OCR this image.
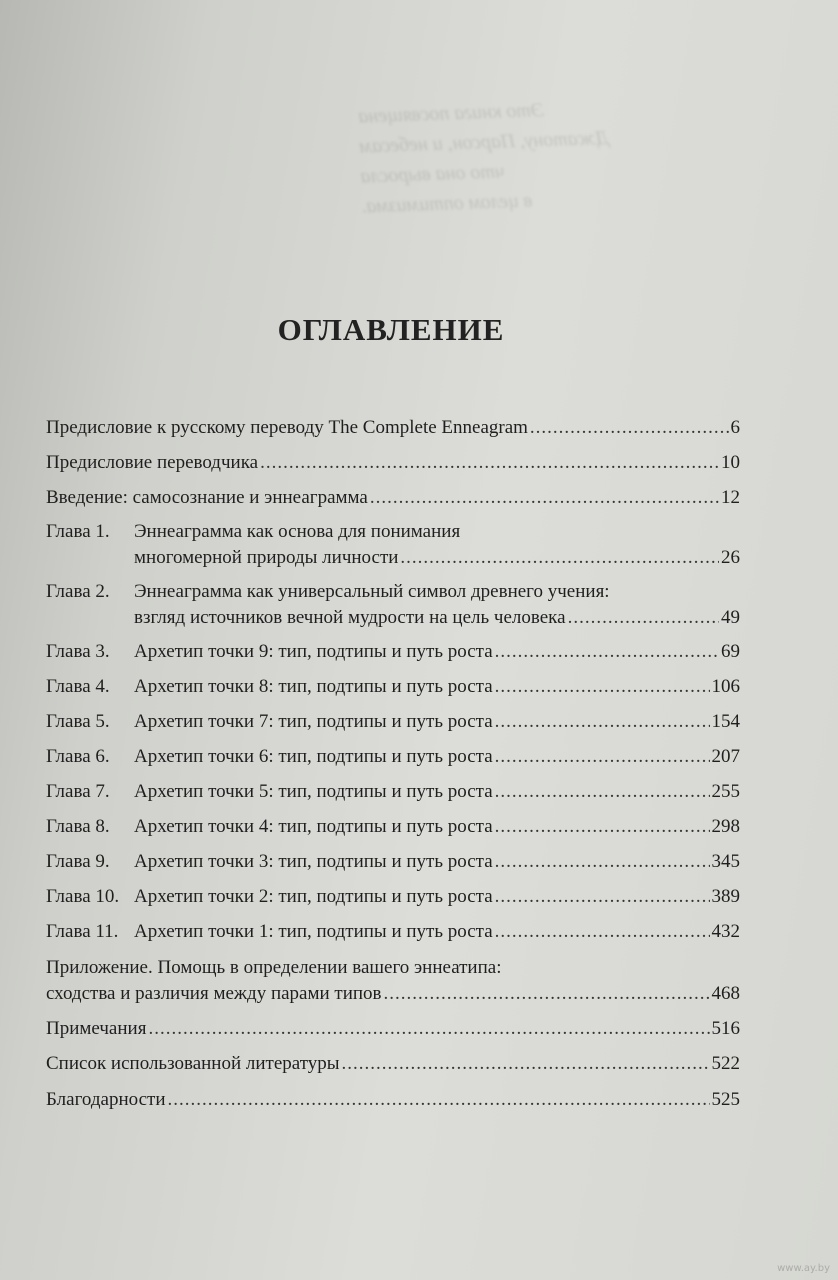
Это книга посвящена
Джатону, Парсон, и небесам
что она выросла
в целом оптимизма.
ОГЛАВЛЕНИЕ
Предисловие к русскому переводу The Complete Enneagram .....	6
Предисловие переводчика .....	10
Введение: самосознание и эннеаграмма .....	12
Глава 1. Эннеаграмма как основа для понимания
многомерной природы личности .....	26
Глава 2. Эннеаграмма как универсальный символ древнего учения:
взгляд источников вечной мудрости на цель человека .....	49
Глава 3. Архетип точки 9: тип, подтипы и путь роста .....	69
Глава 4. Архетип точки 8: тип, подтипы и путь роста .....	106
Глава 5. Архетип точки 7: тип, подтипы и путь роста .....	154
Глава 6. Архетип точки 6: тип, подтипы и путь роста .....	207
Глава 7. Архетип точки 5: тип, подтипы и путь роста .....	255
Глава 8. Архетип точки 4: тип, подтипы и путь роста .....	298
Глава 9. Архетип точки 3: тип, подтипы и путь роста .....	345
Глава 10. Архетип точки 2: тип, подтипы и путь роста .....	389
Глава 11. Архетип точки 1: тип, подтипы и путь роста .....	432
Приложение. Помощь в определении вашего эннеатипа:
сходства и различия между парами типов .....	468
Примечания .....	516
Список использованной литературы .....	522
Благодарности .....	525
www.ay.by
